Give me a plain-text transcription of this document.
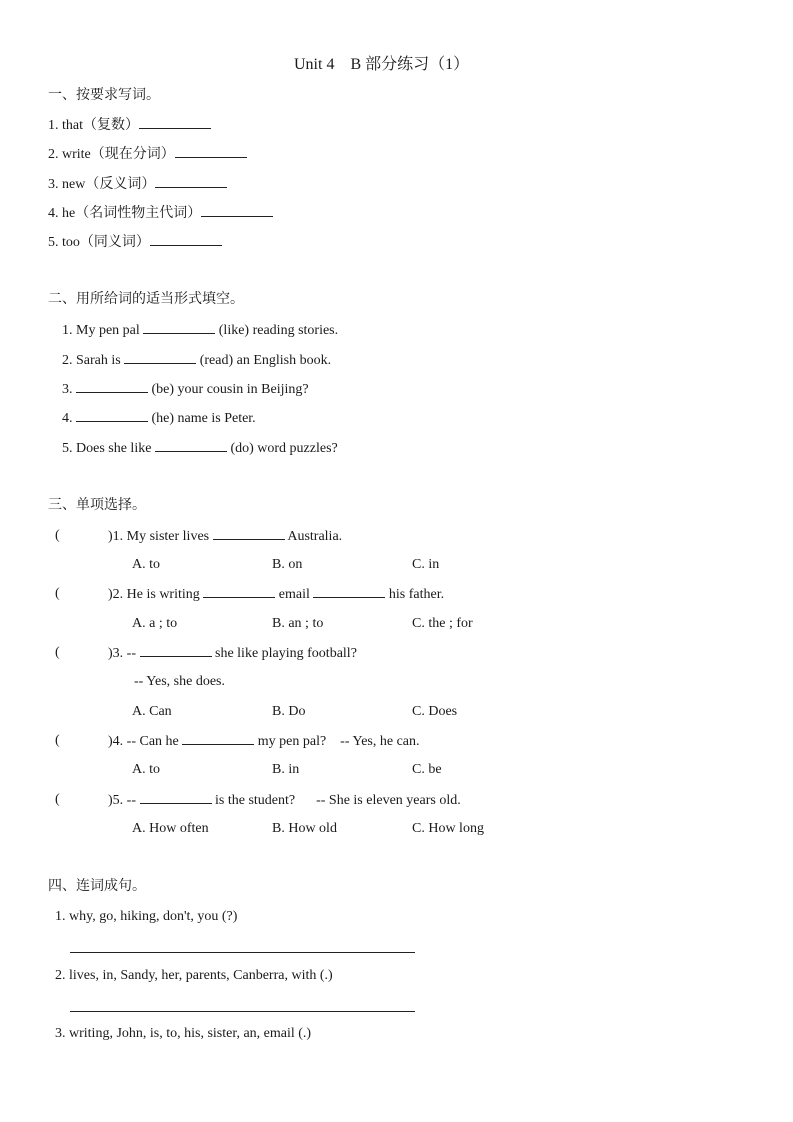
Unit 4　B 部分练习（1）
一、按要求写词。
1. that（复数）
2. write（现在分词）
3. new（反义词）
4. he（名词性物主代词）
5. too（同义词）
二、用所给词的适当形式填空。
1. My pen pal	(like) reading stories.
2. Sarah is	(read) an English book.
3.	(be) your cousin in Beijing?
4.	(he) name is Peter.
5. Does she like	(do) word puzzles?
三、单项选择。
(	)1. My sister lives	Australia.
A. to	B. on	C. in
(	)2. He is writing	email	his father.
A. a ; to	B. an ; to	C. the ; for
(	)3. --	she like playing football?
-- Yes, she does.
A. Can	B. Do	C. Does
(	)4. -- Can he	my pen pal?    -- Yes, he can.
A. to	B. in	C. be
(	)5. --	is the student?      -- She is eleven years old.
A. How often	B. How old	C. How long
四、连词成句。
1. why, go, hiking, don't, you (?)
2. lives, in, Sandy, her, parents, Canberra, with (.)
3. writing, John, is, to, his, sister, an, email (.)
